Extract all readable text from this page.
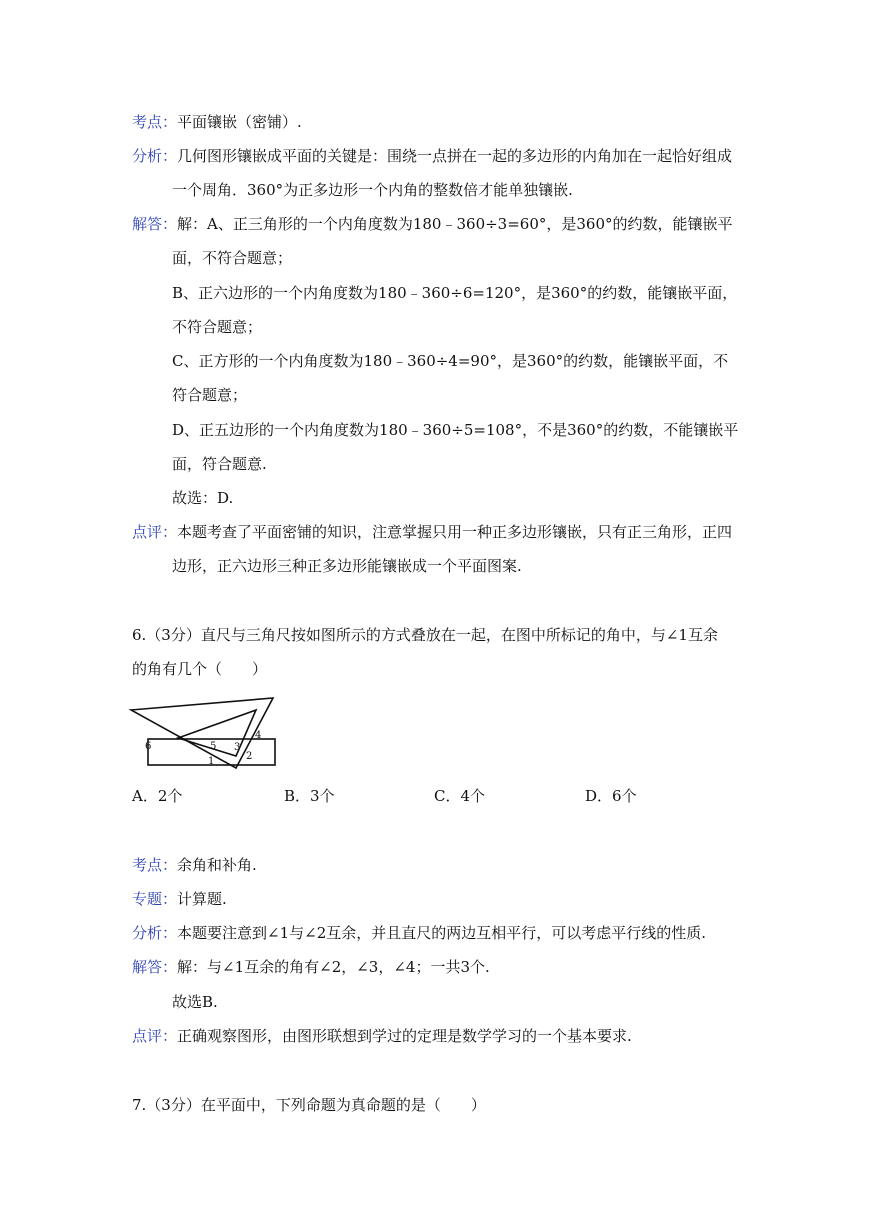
考点：平面镶嵌（密铺）.
分析：几何图形镶嵌成平面的关键是：围绕一点拼在一起的多边形的内角加在一起恰好组成
一个周角．360°为正多边形一个内角的整数倍才能单独镶嵌.
解答：解：A、正三角形的一个内角度数为180﹣360÷3=60°，是360°的约数，能镶嵌平
面，不符合题意；
B、正六边形的一个内角度数为180﹣360÷6=120°，是360°的约数，能镶嵌平面，
不符合题意；
C、正方形的一个内角度数为180﹣360÷4=90°，是360°的约数，能镶嵌平面，不
符合题意；
D、正五边形的一个内角度数为180﹣360÷5=108°，不是360°的约数，不能镶嵌平
面，符合题意.
故选：D.
点评：本题考查了平面密铺的知识，注意掌握只用一种正多边形镶嵌，只有正三角形，正四
边形，正六边形三种正多边形能镶嵌成一个平面图案.
6.（3分）直尺与三角尺按如图所示的方式叠放在一起，在图中所标记的角中，与∠1互余
的角有几个（　　）
6	5 3
4
1	2
A．2个	B．3个	C．4个	D．6个
考点：余角和补角.
专题：计算题.
分析：本题要注意到∠1与∠2互余，并且直尺的两边互相平行，可以考虑平行线的性质.
解答：解：与∠1互余的角有∠2，∠3，∠4；一共3个.
故选B.
点评：正确观察图形，由图形联想到学过的定理是数学学习的一个基本要求.
7.（3分）在平面中，下列命题为真命题的是（　　）
